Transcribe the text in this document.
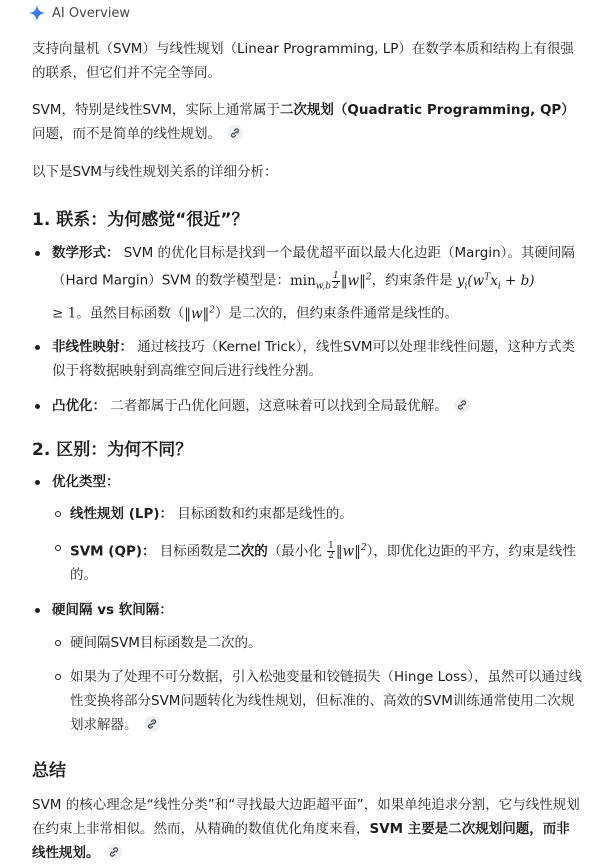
AI Overview

支持向量机（SVM）与线性规划（Linear Programming, LP）在数学本质和结构上有很强的联系，但它们并不完全等同。

SVM，特别是线性SVM，实际上通常属于二次规划（Quadratic Programming, QP）问题，而不是简单的线性规划。

以下是SVM与线性规划关系的详细分析：

1. 联系：为何感觉“很近”？
数学形式： SVM 的优化目标是找到一个最优超平面以最大化边距（Margin）。其硬间隔（Hard Margin）SVM 的数学模型是：$\min_{w,b} \frac{1}{2}$ ‖w‖$^2$，约束条件是 $y_i(w^Tx_i + b)$
≥ 1。虽然目标函数（‖w‖$^2$）是二次的，但约束条件通常是线性的。
非线性映射： 通过核技巧（Kernel Trick），线性SVM可以处理非线性问题，这种方式类似于将数据映射到高维空间后进行线性分割。
凸优化： 二者都属于凸优化问题，这意味着可以找到全局最优解。
2. 区别：为何不同？
优化类型：
线性规划 (LP)： 目标函数和约束都是线性的。
SVM (QP)： 目标函数是二次的（最小化 $\frac{1}{2}$ ‖w‖$^2$），即优化边距的平方，约束是线性的。
硬间隔 vs 软间隔：
硬间隔SVM目标函数是二次的。
如果为了处理不可分数据，引入松弛变量和铰链损失（Hinge Loss），虽然可以通过线性变换将部分SVM问题转化为线性规划，但标准的、高效的SVM训练通常使用二次规划求解器。
总结

SVM 的核心理念是“线性分类”和“寻找最大边距超平面”，如果单纯追求分割，它与线性规划在约束上非常相似。然而，从精确的数值优化角度来看，SVM 主要是二次规划问题，而非线性规划。
